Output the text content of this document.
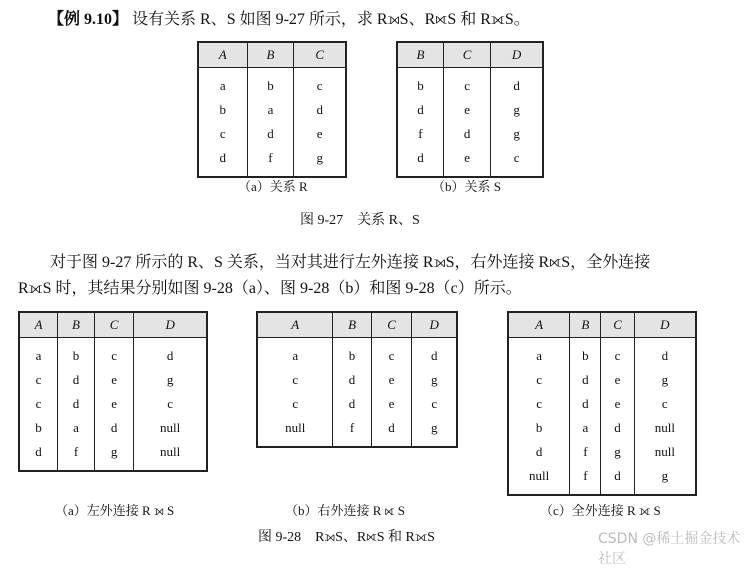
【例 9.10】 设有关系 R、S 如图 9-27 所示，求 R⟕S、R⟖S 和 R⟗S。
A	B	C
a	b	c
b	a	d
c	d	e
d	f	g
B	C	D
b	c	d
d	e	g
f	d	g
d	e	c
（a）关系 R	（b）关系 S
图 9-27　关系 R、S
对于图 9-27 所示的 R、S 关系，当对其进行左外连接 R⟕S，右外连接 R⟖S，全外连接
R⟗S 时，其结果分别如图 9-28（a）、图 9-28（b）和图 9-28（c）所示。
A	B	C	D
a	b	c	d
c	d	e	g
c	d	e	c
b	a	d	null
d	f	g	null
A	B	C	D
a	b	c	d
c	d	e	g
c	d	e	c
null	f	d	g
A	B	C	D
a	b	c	d
c	d	e	g
c	d	e	c
b	a	d	null
d	f	g	null
null	f	d	g
（a）左外连接 R ⟕ S	（b）右外连接 R ⟖ S	（c）全外连接 R ⟗ S
图 9-28　R⟕S、R⟖S 和 R⟗S	CSDN @稀土掘金技术社区
